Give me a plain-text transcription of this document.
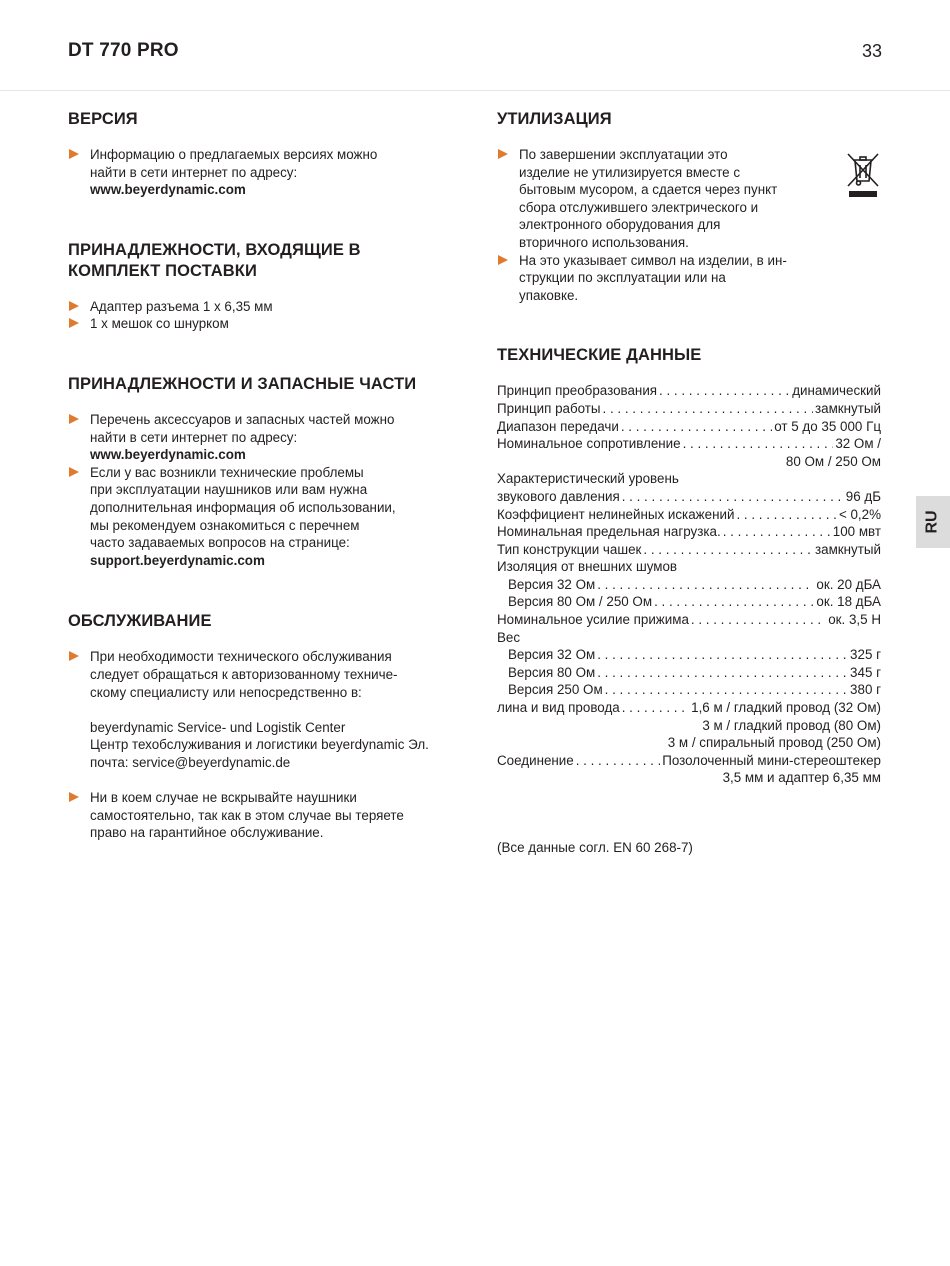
DT 770 PRO	33
RU
ВЕРСИЯ
Информацию о предлагаемых версиях можно
найти в сети интернет по адресу:
www.beyerdynamic.com
ПРИНАДЛЕЖНОСТИ, ВХОДЯЩИЕ В
КОМПЛЕКТ ПОСТАВКИ
Адаптер разъема 1 x 6,35 мм
1 x мешок со шнурком
ПРИНАДЛЕЖНОСТИ И ЗАПАСНЫЕ ЧАСТИ
Перечень аксессуаров и запасных частей можно
найти в сети интернет по адресу:
www.beyerdynamic.com
Если у вас возникли технические проблемы
при эксплуатации наушников или вам нужна
дополнительная информация об использовании,
мы рекомендуем ознакомиться с перечнем
часто задаваемых вопросов на странице:
support.beyerdynamic.com
ОБСЛУЖИВАНИЕ
При необходимости технического обслуживания
следует обращаться к авторизованному техниче-
скому специалисту или непосредственно в:
beyerdynamic Service- und Logistik Center
Центр техобслуживания и логистики beyerdynamic Эл.
почта: service@beyerdynamic.de
Ни в коем случае не вскрывайте наушники
самостоятельно, так как в этом случае вы теряете
право на гарантийное обслуживание.
УТИЛИЗАЦИЯ
По завершении эксплуатации это
изделие не утилизируется вместе с
бытовым мусором, а сдается через пункт
сбора отслужившего электрического и
электронного оборудования для
вторичного использования.
На это указывает символ на изделии, в ин-
струкции по эксплуатации или на
упаковке.
ТЕХНИЧЕСКИЕ ДАННЫЕ
Принцип преобразования . . .	динамический
Принцип работы . . .	замкнутый
Диапазон передачи . . .	от 5 до 35 000 Гц
Номинальное сопротивление . . .	32 Ом /
80 Ом / 250 Ом
Характеристический уровень
звукового давления . . .	96 дБ
Коэффициент нелинейных искажений . . .	< 0,2%
Номинальная предельная нагрузка. . . .	100 мвт
Тип конструкции чашек . . .	замкнутый
Изоляция от внешних шумов
Версия 32 Ом . . .	ок. 20 дБА
Версия 80 Ом / 250 Ом . . .	ок. 18 дБА
Номинальное усилие прижима . . .	ок. 3,5 Н
Вес
Версия 32 Ом . . .	325 г
Версия 80 Ом . . .	345 г
Версия 250 Ом . . .	380 г
лина и вид провода . . .	1,6 м / гладкий провод (32 Ом)
3 м / гладкий провод (80 Ом)
3 м / спиральный провод (250 Ом)
Соединение . . .	Позолоченный мини-стереоштекер
3,5 мм и адаптер 6,35 мм
(Все данные согл. EN 60 268-7)
